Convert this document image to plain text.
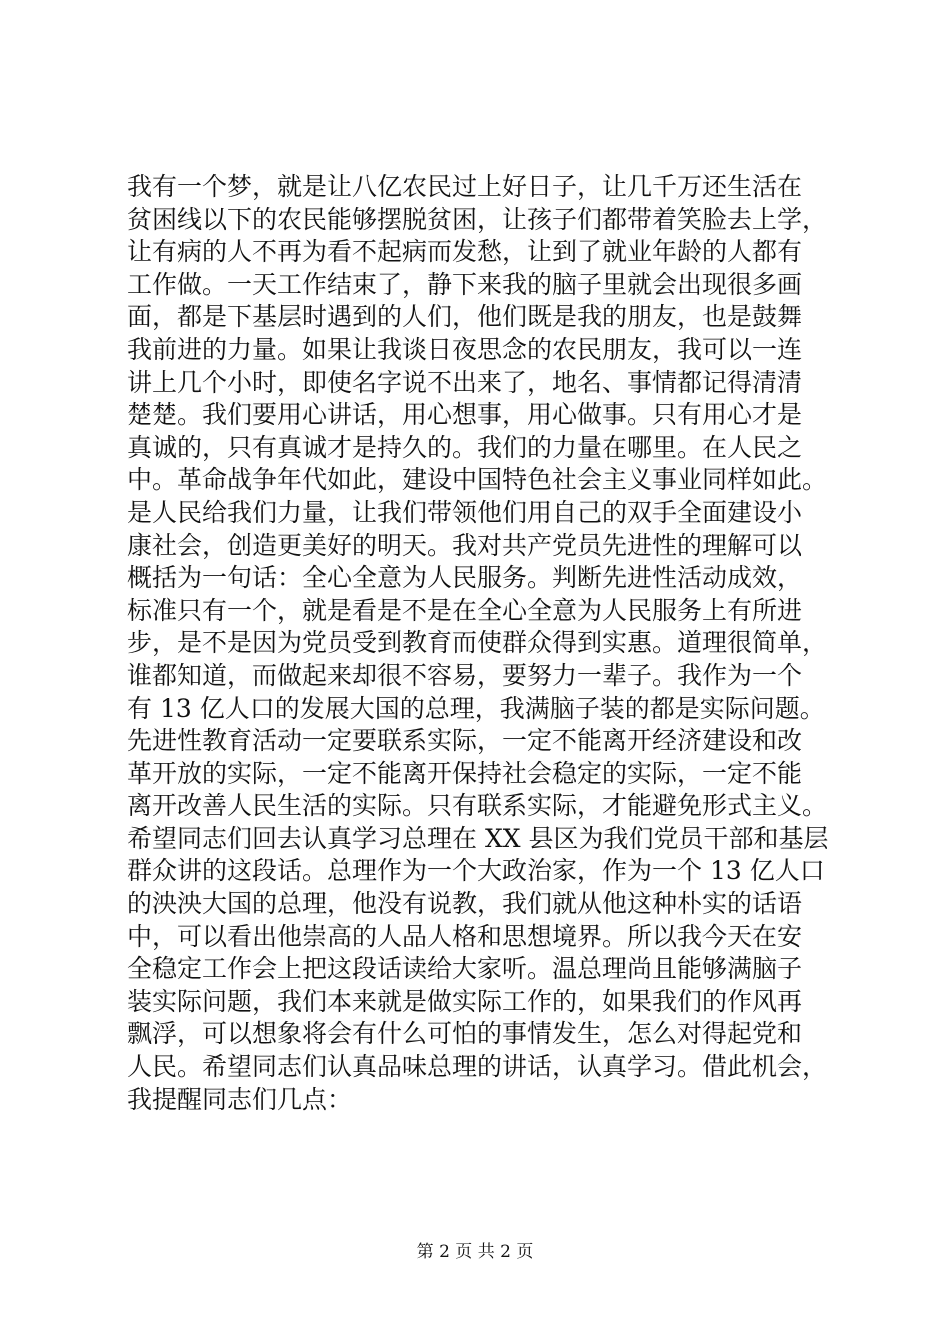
我有一个梦，就是让八亿农民过上好日子，让几千万还生活在
贫困线以下的农民能够摆脱贫困，让孩子们都带着笑脸去上学，
让有病的人不再为看不起病而发愁，让到了就业年龄的人都有
工作做。一天工作结束了，静下来我的脑子里就会出现很多画
面，都是下基层时遇到的人们，他们既是我的朋友，也是鼓舞
我前进的力量。如果让我谈日夜思念的农民朋友，我可以一连
讲上几个小时，即使名字说不出来了，地名、事情都记得清清
楚楚。我们要用心讲话，用心想事，用心做事。只有用心才是
真诚的，只有真诚才是持久的。我们的力量在哪里。在人民之
中。革命战争年代如此，建设中国特色社会主义事业同样如此。
是人民给我们力量，让我们带领他们用自己的双手全面建设小
康社会，创造更美好的明天。我对共产党员先进性的理解可以
概括为一句话：全心全意为人民服务。判断先进性活动成效，
标准只有一个，就是看是不是在全心全意为人民服务上有所进
步，是不是因为党员受到教育而使群众得到实惠。道理很简单，
谁都知道，而做起来却很不容易，要努力一辈子。我作为一个
有 13 亿人口的发展大国的总理，我满脑子装的都是实际问题。
先进性教育活动一定要联系实际，一定不能离开经济建设和改
革开放的实际，一定不能离开保持社会稳定的实际，一定不能
离开改善人民生活的实际。只有联系实际，才能避免形式主义。
希望同志们回去认真学习总理在 XX 县区为我们党员干部和基层
群众讲的这段话。总理作为一个大政治家，作为一个 13 亿人口
的泱泱大国的总理，他没有说教，我们就从他这种朴实的话语
中，可以看出他崇高的人品人格和思想境界。所以我今天在安
全稳定工作会上把这段话读给大家听。温总理尚且能够满脑子
装实际问题，我们本来就是做实际工作的，如果我们的作风再
飘浮，可以想象将会有什么可怕的事情发生，怎么对得起党和
人民。希望同志们认真品味总理的讲话，认真学习。借此机会，
我提醒同志们几点：
第 2 页 共 2 页
